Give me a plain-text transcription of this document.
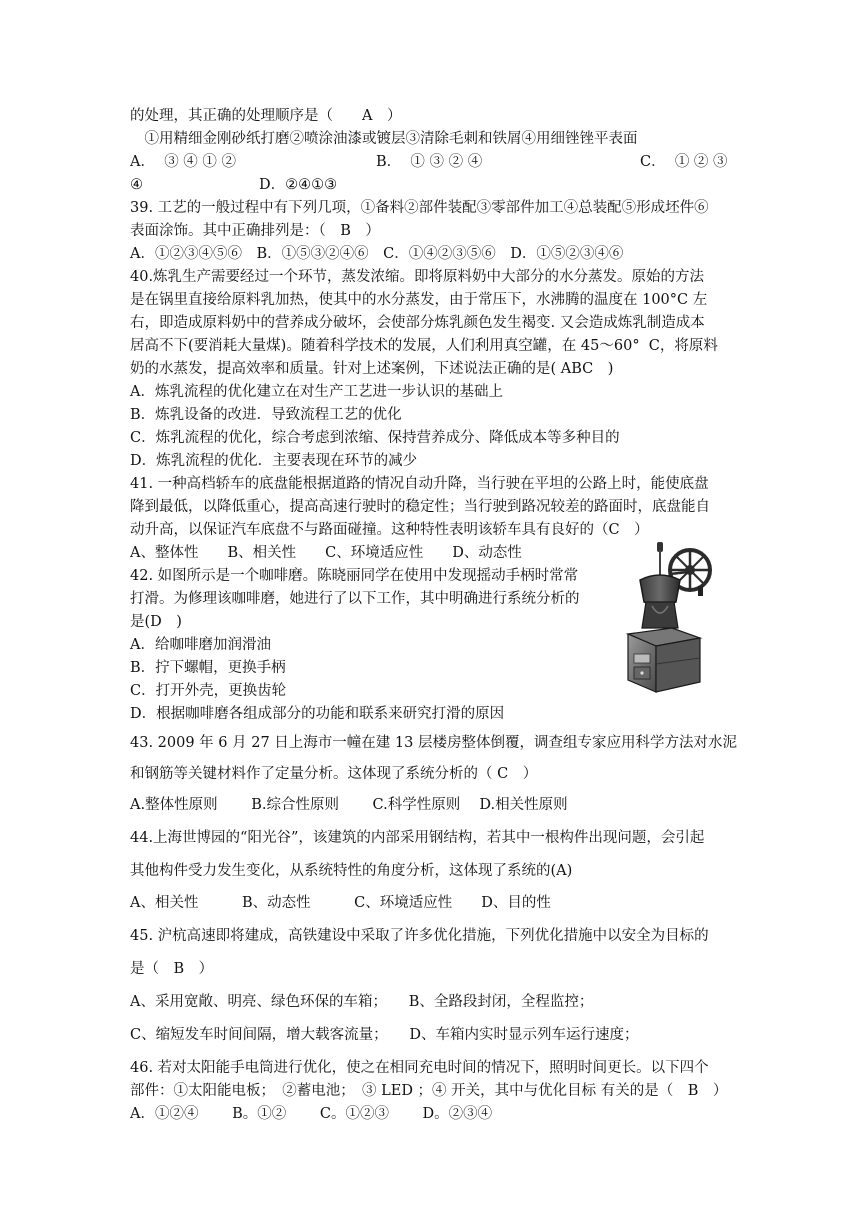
的处理，其正确的处理顺序是（　　A　）
　①用精细金刚砂纸打磨②喷涂油漆或镀层③清除毛刺和铁屑④用细锉锉平表面
A．  ③ ④ ① ②	B．  ① ③ ② ④	C．  ① ② ③
④　　　　　　　　D．②④①③
39. 工艺的一般过程中有下列几项，①备料②部件装配③零部件加工④总装配⑤形成坯件⑥
表面涂饰。其中正确排列是：（　B　）
A．①②③④⑤⑥　B．①⑤③②④⑥　C．①④②③⑤⑥　D．①⑤②③④⑥
40.炼乳生产需要经过一个环节，蒸发浓缩。即将原料奶中大部分的水分蒸发。原始的方法
是在锅里直接给原料乳加热，使其中的水分蒸发，由于常压下，水沸腾的温度在 100°C 左
右，即造成原料奶中的营养成分破坏，会使部分炼乳颜色发生褐变. 又会造成炼乳制造成本
居高不下(要消耗大量煤)。随着科学技术的发展，人们利用真空罐，在 45～60°  C，将原料
奶的水蒸发，提高效率和质量。针对上述案例，下述说法正确的是( ABC　)
A．炼乳流程的优化建立在对生产工艺进一步认识的基础上
B．炼乳设备的改进．导致流程工艺的优化
C．炼乳流程的优化，综合考虑到浓缩、保持营养成分、降低成本等多种目的
D．炼乳流程的优化．主要表现在环节的减少
41. 一种高档轿车的底盘能根据道路的情况自动升降，当行驶在平坦的公路上时，能使底盘
降到最低，以降低重心，提高高速行驶时的稳定性；当行驶到路况较差的路面时，底盘能自
动升高，以保证汽车底盘不与路面碰撞。这种特性表明该轿车具有良好的（C　）
A、整体性　　B、相关性　　C、环境适应性　　D、动态性
42. 如图所示是一个咖啡磨。陈晓丽同学在使用中发现摇动手柄时常常
打滑。为修理该咖啡磨，她进行了以下工作，其中明确进行系统分析的
是(D　)
A．给咖啡磨加润滑油
B．拧下螺帽，更换手柄
C．打开外壳，更换齿轮
D．根据咖啡磨各组成部分的功能和联系来研究打滑的原因
43. 2009 年 6 月 27 日上海市一幢在建 13 层楼房整体倒覆，调查组专家应用科学方法对水泥
和钢筋等关键材料作了定量分析。这体现了系统分析的（ C　）
A.整体性原则　　 B.综合性原则　　 C.科学性原则　 D.相关性原则
44.上海世博园的“阳光谷”，该建筑的内部采用钢结构，若其中一根构件出现问题，会引起
其他构件受力发生变化，从系统特性的角度分析，这体现了系统的(A)
A、相关性　　　B、动态性　　　C、环境适应性　　D、目的性
45. 沪杭高速即将建成，高铁建设中采取了许多优化措施，下列优化措施中以安全为目标的
是（　B　）
A、采用宽敞、明亮、绿色环保的车箱；　　B、全路段封闭，全程监控；
C、缩短发车时间间隔，增大载客流量；　　D、车箱内实时显示列车运行速度；
46. 若对太阳能手电筒进行优化，使之在相同充电时间的情况下，照明时间更长。以下四个
部件：①太阳能电板；　②蓄电池；　③ LED ；④ 开关，其中与优化目标 有关的是（　B　）
A．①②④　　 B。①②　　 C。①②③　　 D。②③④
